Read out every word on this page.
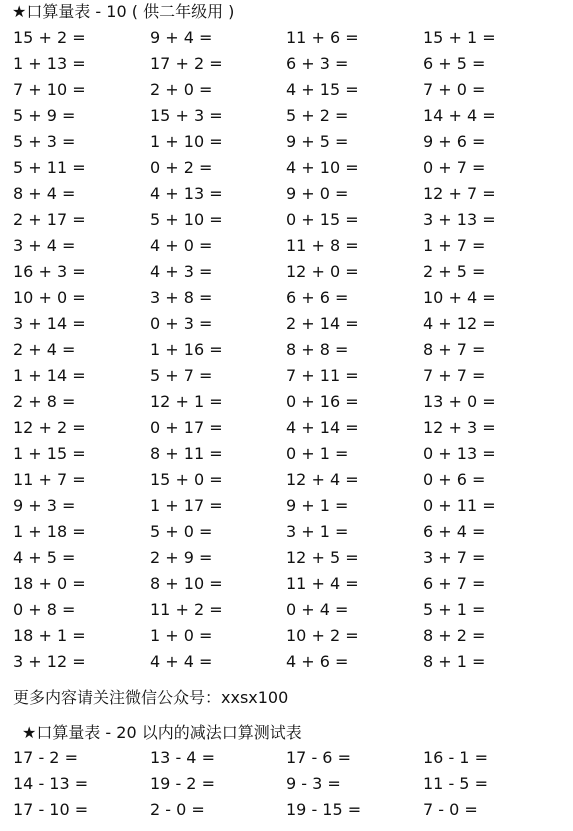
★口算量表 - 10 ( 供二年级用 )
15 + 2 =	9 + 4 =	11 + 6 =	15 + 1 =
1 + 13 =	17 + 2 =	6 + 3 =	6 + 5 =
7 + 10 =	2 + 0 =	4 + 15 =	7 + 0 =
5 + 9 =	15 + 3 =	5 + 2 =	14 + 4 =
5 + 3 =	1 + 10 =	9 + 5 =	9 + 6 =
5 + 11 =	0 + 2 =	4 + 10 =	0 + 7 =
8 + 4 =	4 + 13 =	9 + 0 =	12 + 7 =
2 + 17 =	5 + 10 =	0 + 15 =	3 + 13 =
3 + 4 =	4 + 0 =	11 + 8 =	1 + 7 =
16 + 3 =	4 + 3 =	12 + 0 =	2 + 5 =
10 + 0 =	3 + 8 =	6 + 6 =	10 + 4 =
3 + 14 =	0 + 3 =	2 + 14 =	4 + 12 =
2 + 4 =	1 + 16 =	8 + 8 =	8 + 7 =
1 + 14 =	5 + 7 =	7 + 11 =	7 + 7 =
2 + 8 =	12 + 1 =	0 + 16 =	13 + 0 =
12 + 2 =	0 + 17 =	4 + 14 =	12 + 3 =
1 + 15 =	8 + 11 =	0 + 1 =	0 + 13 =
11 + 7 =	15 + 0 =	12 + 4 =	0 + 6 =
9 + 3 =	1 + 17 =	9 + 1 =	0 + 11 =
1 + 18 =	5 + 0 =	3 + 1 =	6 + 4 =
4 + 5 =	2 + 9 =	12 + 5 =	3 + 7 =
18 + 0 =	8 + 10 =	11 + 4 =	6 + 7 =
0 + 8 =	11 + 2 =	0 + 4 =	5 + 1 =
18 + 1 =	1 + 0 =	10 + 2 =	8 + 2 =
3 + 12 =	4 + 4 =	4 + 6 =	8 + 1 =
更多内容请关注微信公众号：xxsx100
★口算量表 - 20 以内的减法口算测试表
17 - 2 =	13 - 4 =	17 - 6 =	16 - 1 =
14 - 13 =	19 - 2 =	9 - 3 =	11 - 5 =
17 - 10 =	2 - 0 =	19 - 15 =	7 - 0 =
